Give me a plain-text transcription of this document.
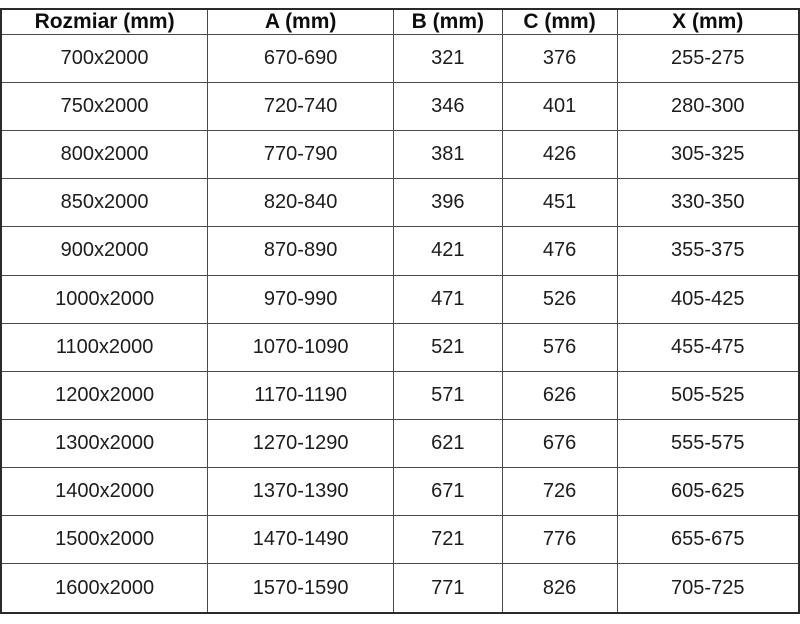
Rozmiar (mm)	A (mm)	B (mm)	C (mm)	X (mm)
700x2000	670-690	321	376	255-275
750x2000	720-740	346	401	280-300
800x2000	770-790	381	426	305-325
850x2000	820-840	396	451	330-350
900x2000	870-890	421	476	355-375
1000x2000	970-990	471	526	405-425
1100x2000	1070-1090	521	576	455-475
1200x2000	1170-1190	571	626	505-525
1300x2000	1270-1290	621	676	555-575
1400x2000	1370-1390	671	726	605-625
1500x2000	1470-1490	721	776	655-675
1600x2000	1570-1590	771	826	705-725
